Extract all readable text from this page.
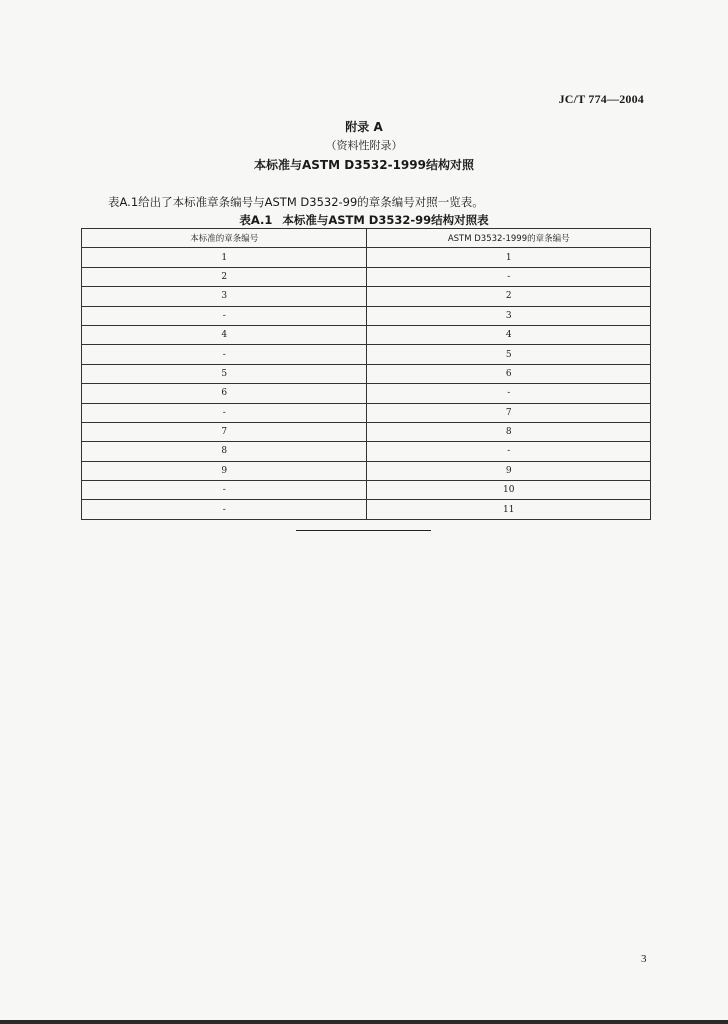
JC/T 774—2004
附录 A
（资料性附录）
本标准与ASTM D3532-1999结构对照
表A.1给出了本标准章条编号与ASTM D3532-99的章条编号对照一览表。
表A.1 本标准与ASTM D3532-99结构对照表
本标准的章条编号	ASTM D3532-1999的章条编号
1	1
2	-
3	2
-	3
4	4
-	5
5	6
6	-
-	7
7	8
8	-
9	9
-	10
-	11
3
